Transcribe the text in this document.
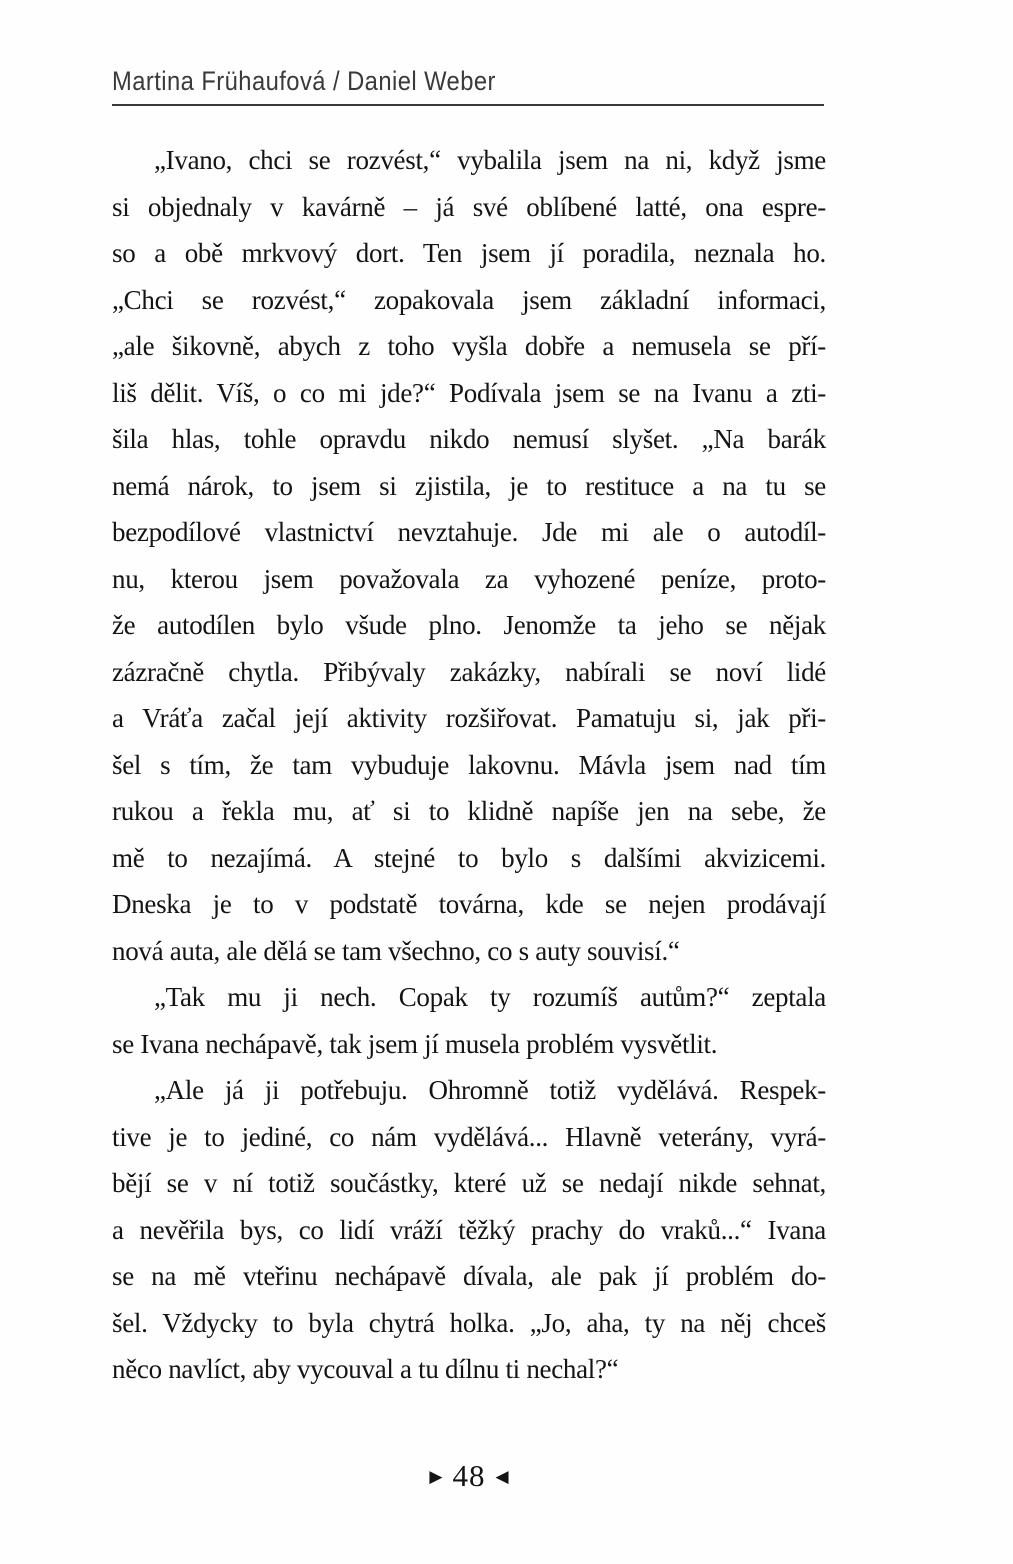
Martina Frühaufová / Daniel Weber
„Ivano, chci se rozvést,“ vybalila jsem na ni, když jsme
si objednaly v kavárně – já své oblíbené latté, ona espre-
so a obě mrkvový dort. Ten jsem jí poradila, neznala ho.
„Chci se rozvést,“ zopakovala jsem základní informaci,
„ale šikovně, abych z toho vyšla dobře a nemusela se pří-
liš dělit. Víš, o co mi jde?“ Podívala jsem se na Ivanu a zti-
šila hlas, tohle opravdu nikdo nemusí slyšet. „Na barák
nemá nárok, to jsem si zjistila, je to restituce a na tu se
bezpodílové vlastnictví nevztahuje. Jde mi ale o autodíl-
nu, kterou jsem považovala za vyhozené peníze, proto-
že autodílen bylo všude plno. Jenomže ta jeho se nějak
zázračně chytla. Přibývaly zakázky, nabírali se noví lidé
a Vráťa začal její aktivity rozšiřovat. Pamatuju si, jak při-
šel s tím, že tam vybuduje lakovnu. Mávla jsem nad tím
rukou a řekla mu, ať si to klidně napíše jen na sebe, že
mě to nezajímá. A stejné to bylo s dalšími akvizicemi.
Dneska je to v podstatě továrna, kde se nejen prodávají
nová auta, ale dělá se tam všechno, co s auty souvisí.“
„Tak mu ji nech. Copak ty rozumíš autům?“ zeptala
se Ivana nechápavě, tak jsem jí musela problém vysvětlit.
„Ale já ji potřebuju. Ohromně totiž vydělává. Respek-
tive je to jediné, co nám vydělává... Hlavně veterány, vyrá-
bějí se v ní totiž součástky, které už se nedají nikde sehnat,
a nevěřila bys, co lidí vráží těžký prachy do vraků...“ Ivana
se na mě vteřinu nechápavě dívala, ale pak jí problém do-
šel. Vždycky to byla chytrá holka. „Jo, aha, ty na něj chceš
něco navlíct, aby vycouval a tu dílnu ti nechal?“
▶ 48 ◀
